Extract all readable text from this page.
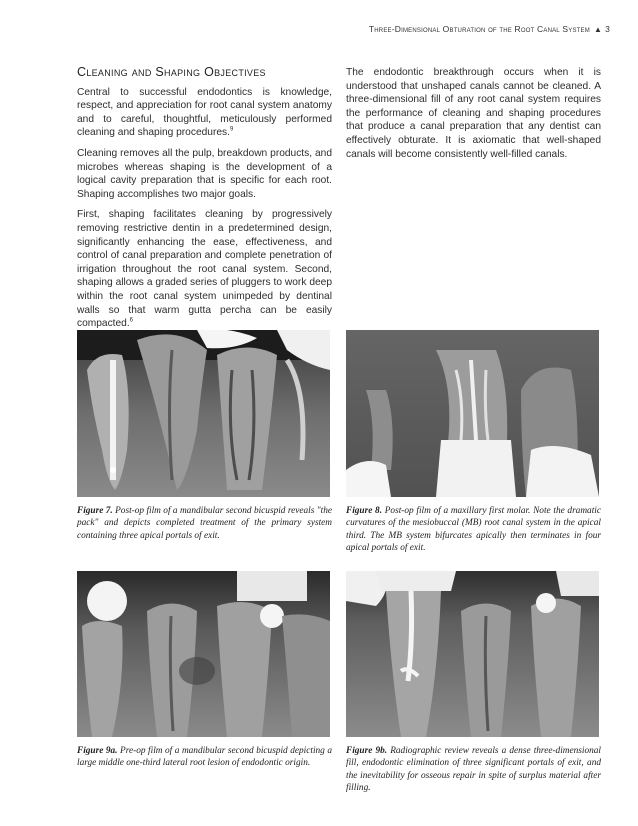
Three-Dimensional Obturation of the Root Canal System ▲ 3
Cleaning and Shaping Objectives

Central to successful endodontics is knowledge, respect, and appreciation for root canal system anatomy and to careful, thoughtful, meticulously performed cleaning and shaping procedures.$^9$

Cleaning removes all the pulp, breakdown products, and microbes whereas shaping is the development of a logical cavity preparation that is specific for each root. Shaping accomplishes two major goals.

First, shaping facilitates cleaning by progressively removing restrictive dentin in a predetermined design, significantly enhancing the ease, effectiveness, and control of canal preparation and complete penetration of irrigation throughout the root canal system. Second, shaping allows a graded series of pluggers to work deep within the root canal system unimpeded by dentinal walls so that warm gutta percha can be easily compacted.$^6$

The endodontic breakthrough occurs when it is understood that unshaped canals cannot be cleaned. A three-dimensional fill of any root canal system requires the performance of cleaning and shaping procedures that produce a canal preparation that any dentist can effectively obturate. It is axiomatic that well-shaped canals will become consistently well-filled canals.

Figure 7. Post-op film of a mandibular second bicuspid reveals "the pack" and depicts completed treatment of the primary system containing three apical portals of exit.
Figure 8. Post-op film of a maxillary first molar. Note the dramatic curvatures of the mesiobuccal (MB) root canal system in the apical third. The MB system bifurcates apically then terminates in four apical portals of exit.
Figure 9a. Pre-op film of a mandibular second bicuspid depicting a large middle one-third lateral root lesion of endodontic origin.
Figure 9b. Radiographic review reveals a dense three-dimensional fill, endodontic elimination of three significant portals of exit, and the inevitability for osseous repair in spite of surplus material after filling.
